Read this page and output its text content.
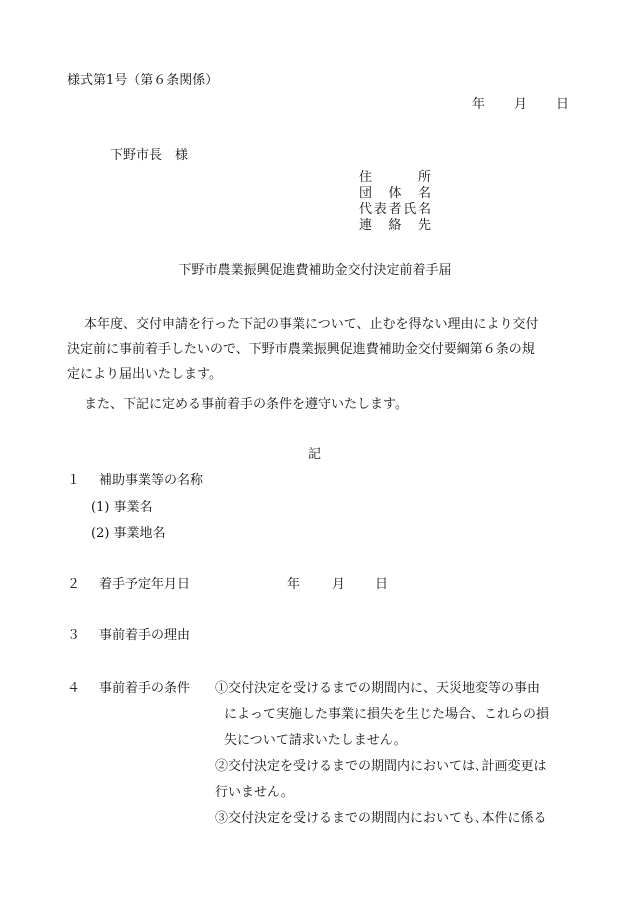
様式第1号（第６条関係）
年 月 日
下野市長　様
住	所
団 体 名
代 表 者 氏 名
連 絡 先
下野市農業振興促進費補助金交付決定前着手届
本年度、交付申請を行った下記の事業について、止むを得ない理由により交付
決定前に事前着手したいので、下野市農業振興促進費補助金交付要綱第６条の規
定により届出いたします。
また、下記に定める事前着手の条件を遵守いたします。
記
１ 補助事業等の名称
(1) 事業名
(2) 事業地名
２ 着手予定年月日	年 月 日
３ 事前着手の理由
４ 事前着手の条件 ①交付決定を受けるまでの期間内に、天災地変等の事由
によって実施した事業に損失を生じた場合、これらの損
失について請求いたしません。
②交付決定を受けるまでの期間内においては､計画変更は
行いません。
③交付決定を受けるまでの期間内においても､本件に係る
